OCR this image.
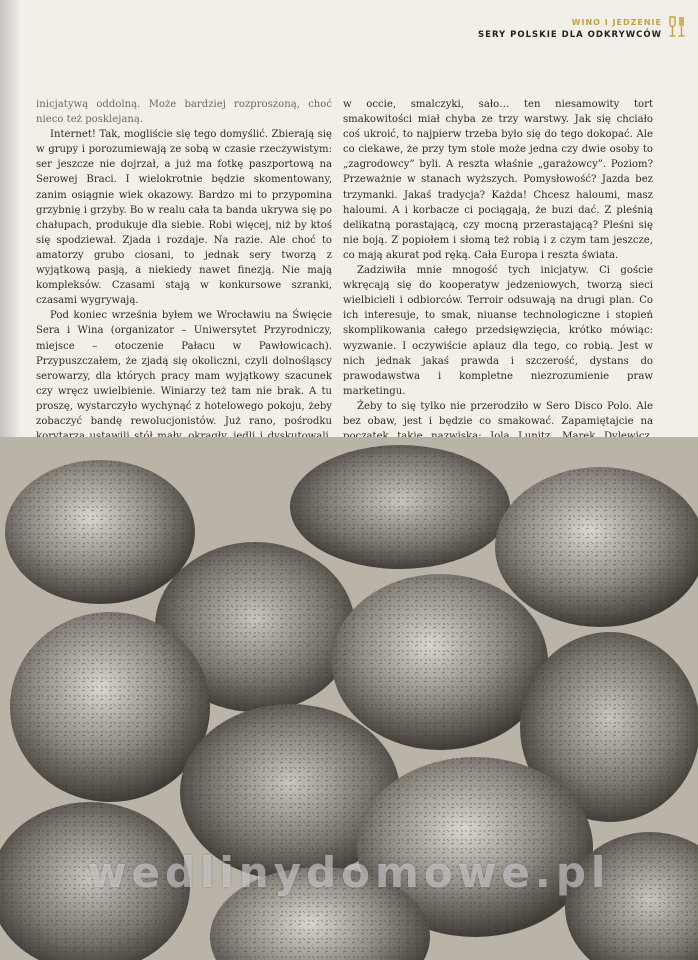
WINO I JEDZENIE
SERY POLSKIE DLA ODKRYWCÓW

inicjatywą oddolną. Może bardziej rozproszoną, choć nieco też posklejaną.

Internet! Tak, mogliście się tego domyślić. Zbierają się w grupy i porozumiewają ze sobą w czasie rzeczywistym: ser jeszcze nie dojrzał, a już ma fotkę paszportową na Serowej Braci. I wielokrotnie będzie skomentowany, zanim osiągnie wiek okazowy. Bardzo mi to przypomina grzybnię i grzyby. Bo w realu cała ta banda ukrywa się po chałupach, produkuje dla siebie. Robi więcej, niż by ktoś się spodziewał. Zjada i rozdaje. Na razie. Ale choć to amatorzy grubo ciosani, to jednak sery tworzą z wyjątkową pasją, a niekiedy nawet finezją. Nie mają kompleksów. Czasami stają w konkursowe szranki, czasami wygrywają.

Pod koniec września byłem we Wrocławiu na Święcie Sera i Wina (organizator – Uniwersytet Przyrodniczy, miejsce – otoczenie Pałacu w Pawłowicach). Przypuszczałem, że zjadą się okoliczni, czyli dolnośląscy serowarzy, dla których pracy mam wyjątkowy szacunek czy wręcz uwielbienie. Winiarzy też tam nie brak. A tu proszę, wystarczyło wychynąć z hotelowego pokoju, żeby zobaczyć bandę rewolucjonistów. Już rano, pośrodku

w occie, smalczyki, sało… ten niesamowity tort smakowitości miał chyba ze trzy warstwy. Jak się chciało coś ukroić, to najpierw trzeba było się do tego dokopać. Ale co ciekawe, że przy tym stole może jedna czy dwie osoby to „zagrodowcy” byli. A reszta właśnie „garażowcy”. Poziom? Przeważnie w stanach wyższych. Pomysłowość? Jazda bez trzymanki. Jakaś tradycja? Każda! Chcesz haloumi, masz haloumi. A i korbacze ci pociągają, że buzi dać. Z pleśnią delikatną porastającą, czy mocną przerastającą? Pleśni się nie boją. Z popiołem i słomą też robią i z czym tam jeszcze, co mają akurat pod ręką. Cała Europa i reszta świata.

Zadziwiła mnie mnogość tych inicjatyw. Ci goście wkręcają się do kooperatyw jedzeniowych, tworzą sieci wielbicieli i odbiorców. Terroir odsuwają na drugi plan. Co ich interesuje, to smak, niuanse technologiczne i stopień skomplikowania całego przedsięwzięcia, krótko mówiąc: wyzwanie. I oczywiście aplauz dla tego, co robią. Jest w nich jednak jakaś prawda i szczerość, dystans do prawodawstwa i kompletne niezrozumienie praw marketingu.

Żeby to się tylko nie przerodziło w Sero Disco Polo. Ale bez obaw, jest i będzie co smakować. Zapamiętajcie na

wedlinydomowe.pl
